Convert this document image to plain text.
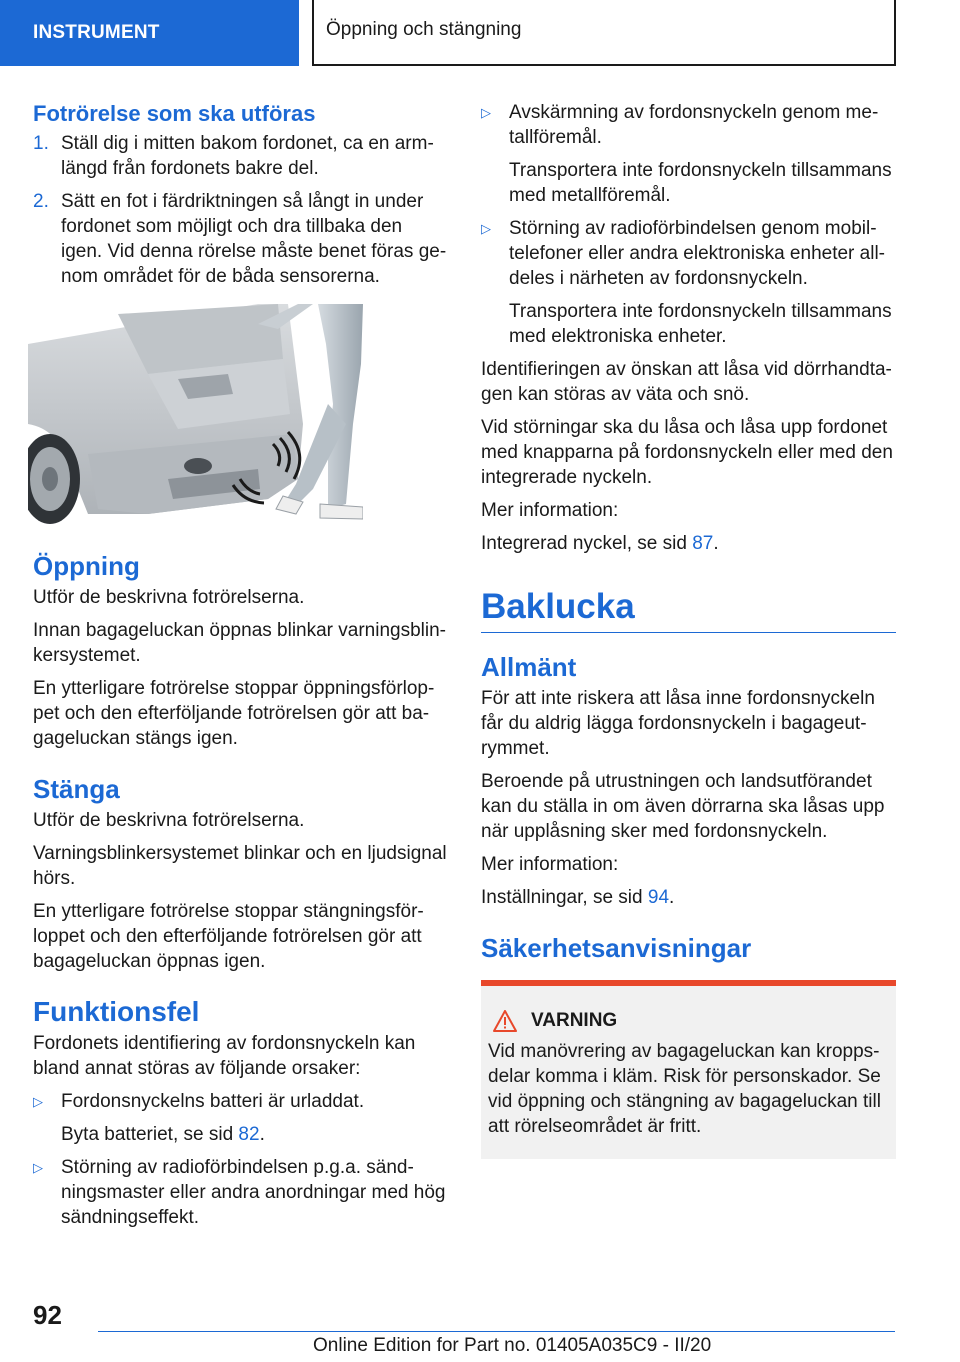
INSTRUMENT	Öppning och stängning
Fotrörelse som ska utföras
1. Ställ dig i mitten bakom fordonet, ca en arm-
längd från fordonets bakre del.
2. Sätt en fot i färdriktningen så långt in under
fordonet som möjligt och dra tillbaka den
igen. Vid denna rörelse måste benet föras ge-
nom området för de båda sensorerna.
Öppning

Utför de beskrivna fotrörelserna.

Innan bagageluckan öppnas blinkar varningsblin-
kersystemet.

En ytterligare fotrörelse stoppar öppningsförlop-
pet och den efterföljande fotrörelsen gör att ba-
gageluckan stängs igen.

Stänga

Utför de beskrivna fotrörelserna.

Varningsblinkersystemet blinkar och en ljudsignal
hörs.

En ytterligare fotrörelse stoppar stängningsför-
loppet och den efterföljande fotrörelsen gör att
bagageluckan öppnas igen.

Funktionsfel

Fordonets identifiering av fordonsnyckeln kan
bland annat störas av följande orsaker:

▷ Fordonsnyckelns batteri är urladdat.

Byta batteriet, se sid 82.

▷ Störning av radioförbindelsen p.g.a. sänd-
ningsmaster eller andra anordningar med hög
sändningseffekt.
▷ Avskärmning av fordonsnyckeln genom me-
tallföremål.

Transportera inte fordonsnyckeln tillsammans
med metallföremål.

▷ Störning av radioförbindelsen genom mobil-
telefoner eller andra elektroniska enheter all-
deles i närheten av fordonsnyckeln.

Transportera inte fordonsnyckeln tillsammans
med elektroniska enheter.

Identifieringen av önskan att låsa vid dörrhandta-
gen kan störas av väta och snö.

Vid störningar ska du låsa och låsa upp fordonet
med knapparna på fordonsnyckeln eller med den
integrerade nyckeln.

Mer information:

Integrerad nyckel, se sid 87.

Baklucka
Allmänt

För att inte riskera att låsa inne fordonsnyckeln
får du aldrig lägga fordonsnyckeln i bagageut-
rymmet.

Beroende på utrustningen och landsutförandet
kan du ställa in om även dörrarna ska låsas upp
när upplåsning sker med fordonsnyckeln.

Mer information:

Inställningar, se sid 94.

Säkerhetsanvisningar
VARNING
Vid manövrering av bagageluckan kan kropps-
delar komma i kläm. Risk för personskador. Se
vid öppning och stängning av bagageluckan till
att rörelseområdet är fritt.
92
Online Edition for Part no. 01405A035C9 - II/20
